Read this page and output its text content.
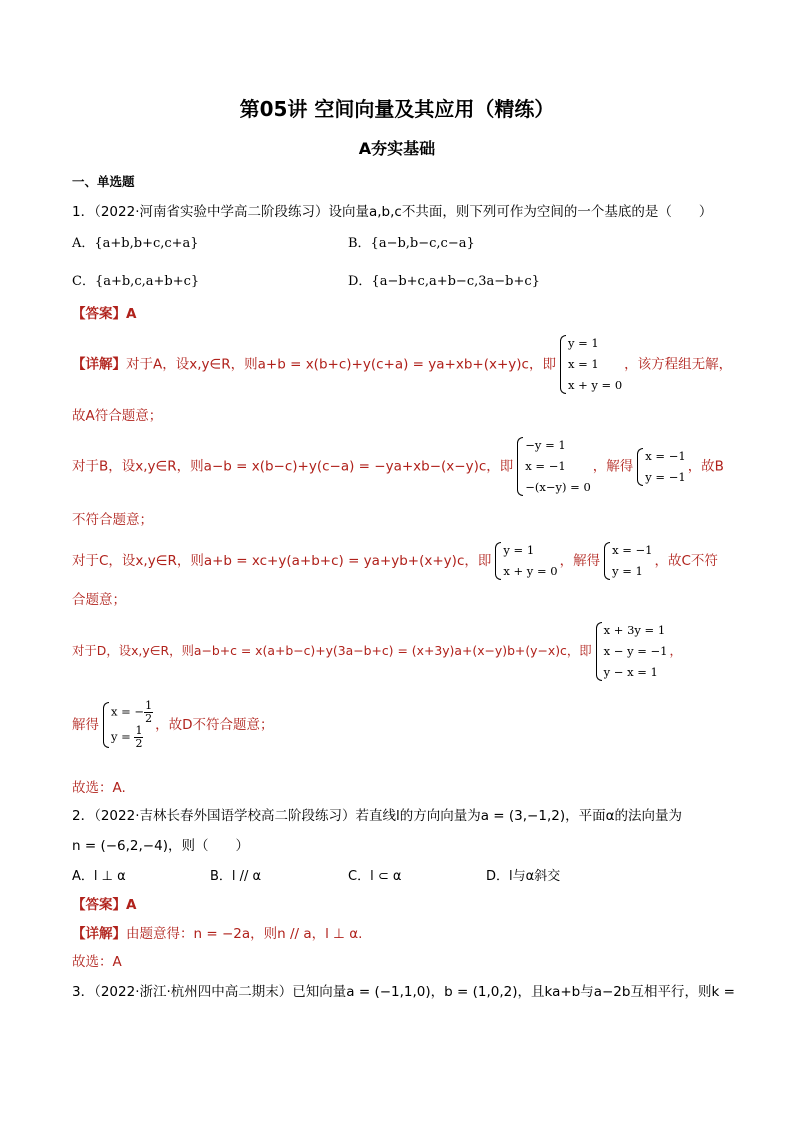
第05讲 空间向量及其应用（精练）
A夯实基础
一、单选题
1．（2022·河南省实验中学高二阶段练习）设向量a,b,c不共面，则下列可作为空间的一个基底的是（　　）
A．{a+b,b+c,c+a}	B．{a−b,b−c,c−a}
C．{a+b,c,a+b+c}	D．{a−b+c,a+b−c,3a−b+c}
【答案】A
【详解】对于A，设x,y∈R，则a+b = x(b+c)+y(c+a) = ya+xb+(x+y)c，即
y = 1
x = 1
x + y = 0
，该方程组无解，
故A符合题意；
对于B，设x,y∈R，则a−b = x(b−c)+y(c−a) = −ya+xb−(x−y)c，即
−y = 1
x = −1
−(x−y) = 0
，解得
x = −1
y = −1
，故B
不符合题意；
对于C，设x,y∈R，则a+b = xc+y(a+b+c) = ya+yb+(x+y)c，即
y = 1
x + y = 0
，解得
x = −1
y = 1
，故C不符
合题意；
对于D，设x,y∈R，则a−b+c = x(a+b−c)+y(3a−b+c) = (x+3y)a+(x−y)b+(y−x)c，即
x + 3y = 1
x − y = −1
y − x = 1
，
解得
x = − $\frac{1}{2}$
$y = \frac{1}{2}$ ，故D不符合题意；
故选：A.
2．（2022·吉林长春外国语学校高二阶段练习）若直线l的方向向量为a = (3,−1,2)，平面α的法向量为
n = (−6,2,−4)，则（　　）
A．l ⊥ α	B．l // α	C．l ⊂ α	D．l与α斜交
【答案】A
【详解】由题意得：n = −2a，则n // a，l ⊥ α.
故选：A
3．（2022·浙江·杭州四中高二期末）已知向量a = (−1,1,0)，b = (1,0,2)，且ka+b与a−2b互相平行，则k =
